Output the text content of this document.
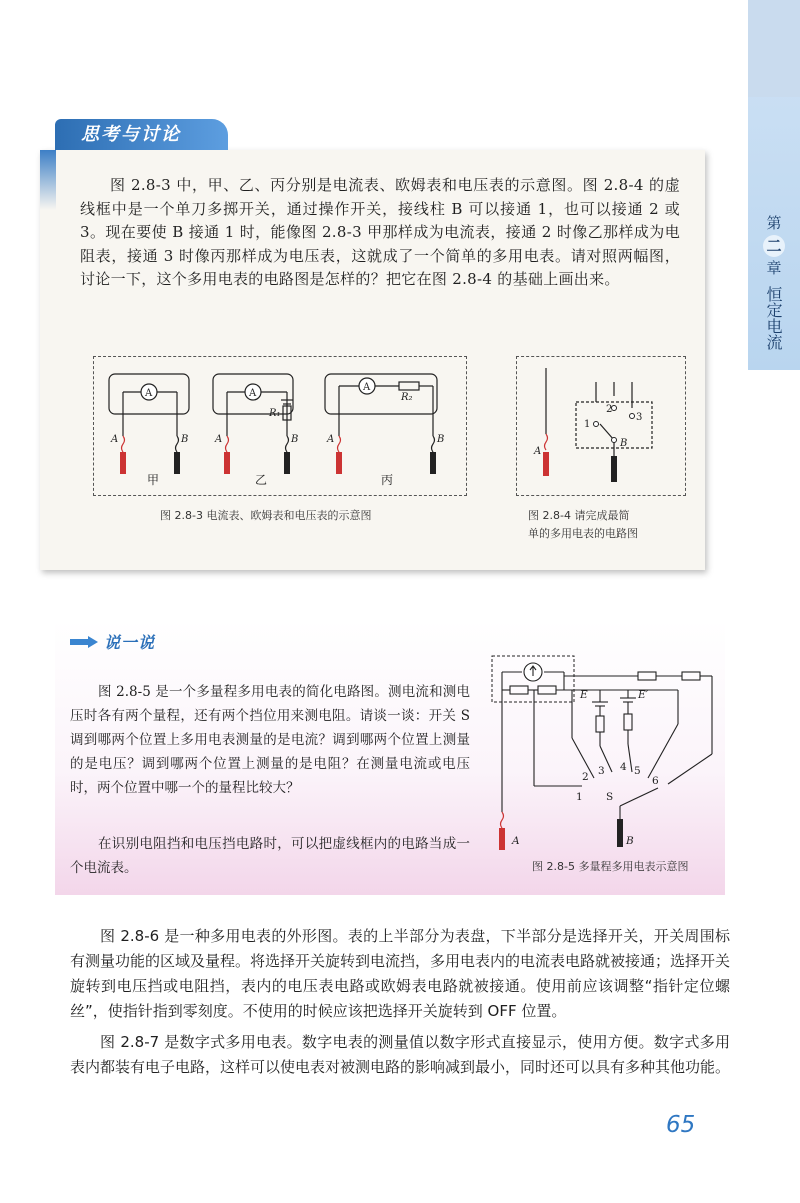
第
二
章
恒定电流
思考与讨论
图 2.8-3 中，甲、乙、丙分别是电流表、欧姆表和电压表的示意图。图 2.8-4 的虚线框中是一个单刀多掷开关，通过操作开关，接线柱 B 可以接通 1，也可以接通 2 或 3。现在要使 B 接通 1 时，能像图 2.8-3 甲那样成为电流表，接通 2 时像乙那样成为电阻表，接通 3 时像丙那样成为电压表，这就成了一个简单的多用电表。请对照两幅图，讨论一下，这个多用电表的电路图是怎样的？把它在图 2.8-4 的基础上画出来。
A	A
A
R₁
R₂
A	B	A	B	A	B
甲	乙	丙
图 2.8-3 电流表、欧姆表和电压表的示意图
1
2
3
A
B
图 2.8-4 请完成最简
单的多用电表的电路图
说一说
图 2.8-5 是一个多量程多用电表的简化电路图。测电流和测电压时各有两个量程，还有两个挡位用来测电阻。请谈一谈：开关 S 调到哪两个位置上多用电表测量的是电流？调到哪两个位置上测量的是电压？调到哪两个位置上测量的是电阻？在测量电流或电压时，两个位置中哪一个的量程比较大？
在识别电阻挡和电压挡电路时，可以把虚线框内的电路当成一个电流表。
E	E′
1
2 3 4 5
6
S
A	B
图 2.8-5 多量程多用电表示意图
图 2.8-6 是一种多用电表的外形图。表的上半部分为表盘，下半部分是选择开关，开关周围标有测量功能的区域及量程。将选择开关旋转到电流挡，多用电表内的电流表电路就被接通；选择开关旋转到电压挡或电阻挡，表内的电压表电路或欧姆表电路就被接通。使用前应该调整“指针定位螺丝”，使指针指到零刻度。不使用的时候应该把选择开关旋转到 OFF 位置。
图 2.8-7 是数字式多用电表。数字电表的测量值以数字形式直接显示，使用方便。数字式多用表内都装有电子电路，这样可以使电表对被测电路的影响减到最小，同时还可以具有多种其他功能。
65
